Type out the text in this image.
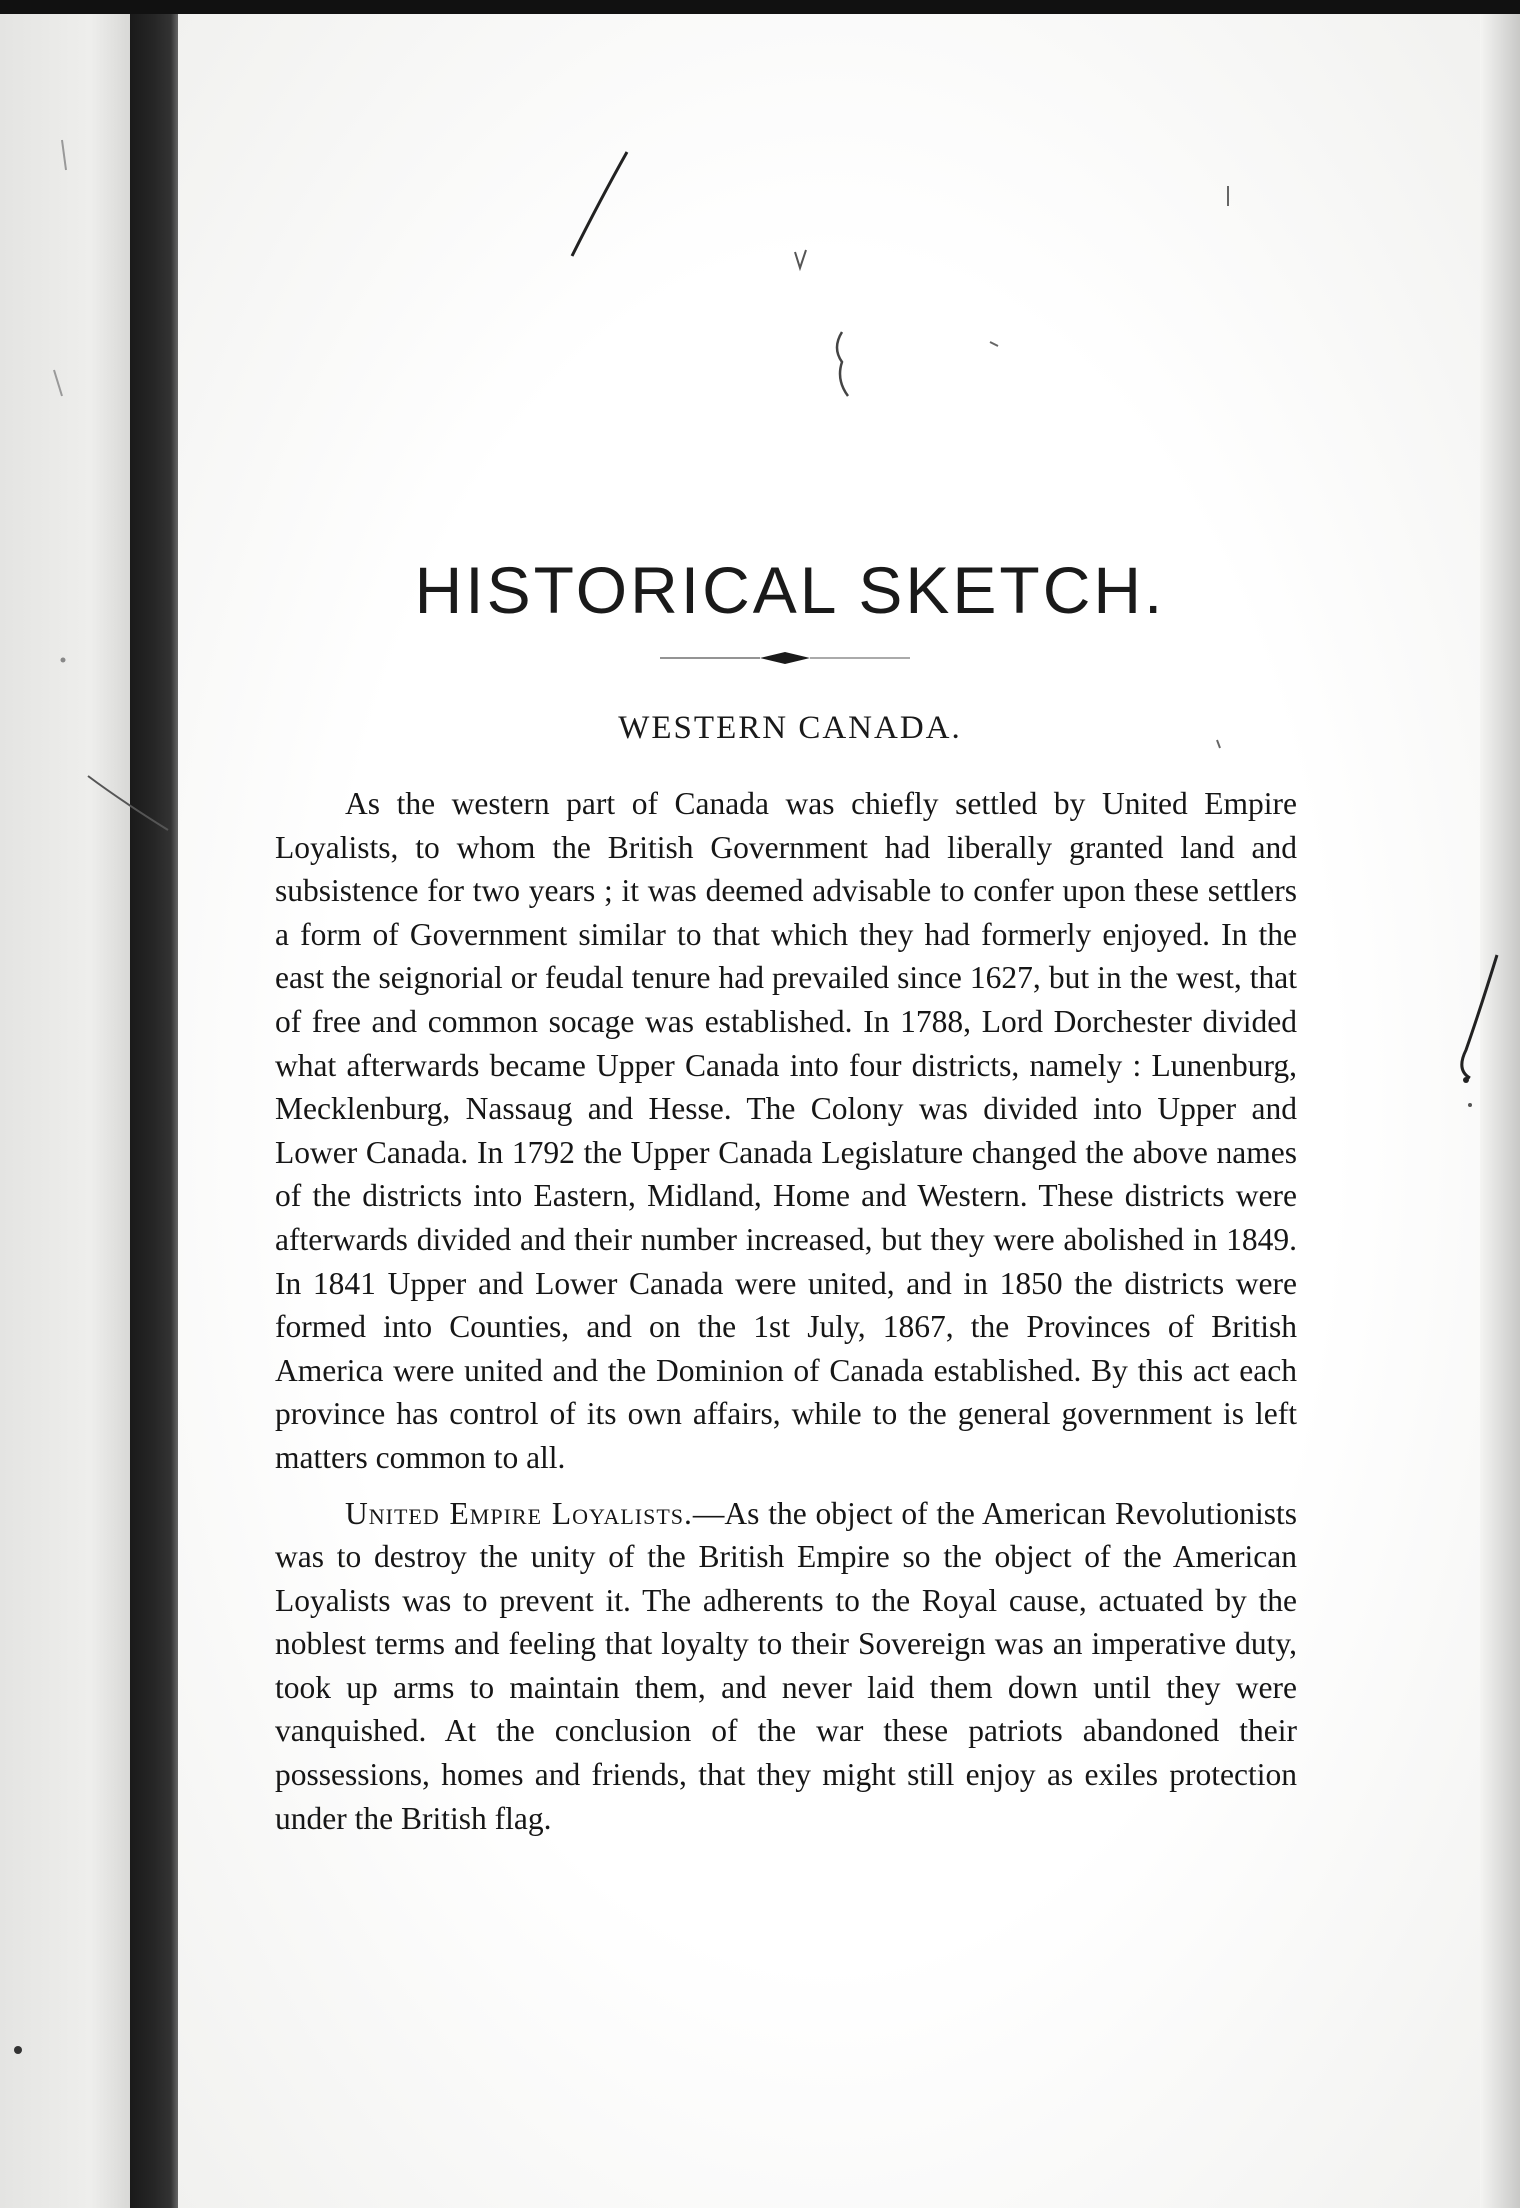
HISTORICAL SKETCH.
WESTERN CANADA.

As the western part of Canada was chiefly settled by United Empire Loyalists, to whom the British Government had liberally granted land and subsistence for two years ; it was deemed advisable to confer upon these settlers a form of Government similar to that which they had formerly enjoyed. In the east the seignorial or feudal tenure had prevailed since 1627, but in the west, that of free and common socage was established. In 1788, Lord Dorchester divided what afterwards became Upper Canada into four districts, namely : Lunenburg, Mecklenburg, Nassaug and Hesse. The Colony was divided into Upper and Lower Canada. In 1792 the Upper Canada Legislature changed the above names of the districts into Eastern, Midland, Home and Western. These districts were afterwards divided and their number increased, but they were abolished in 1849. In 1841 Upper and Lower Canada were united, and in 1850 the districts were formed into Counties, and on the 1st July, 1867, the Provinces of British America were united and the Dominion of Canada established. By this act each province has control of its own affairs, while to the general government is left matters common to all.

United Empire Loyalists.—As the object of the American Revolutionists was to destroy the unity of the British Empire so the object of the American Loyalists was to prevent it. The adherents to the Royal cause, actuated by the noblest terms and feeling that loyalty to their Sovereign was an imperative duty, took up arms to maintain them, and never laid them down until they were vanquished. At the conclusion of the war these patriots abandoned their possessions, homes and friends, that they might still enjoy as exiles protection under the British flag.
